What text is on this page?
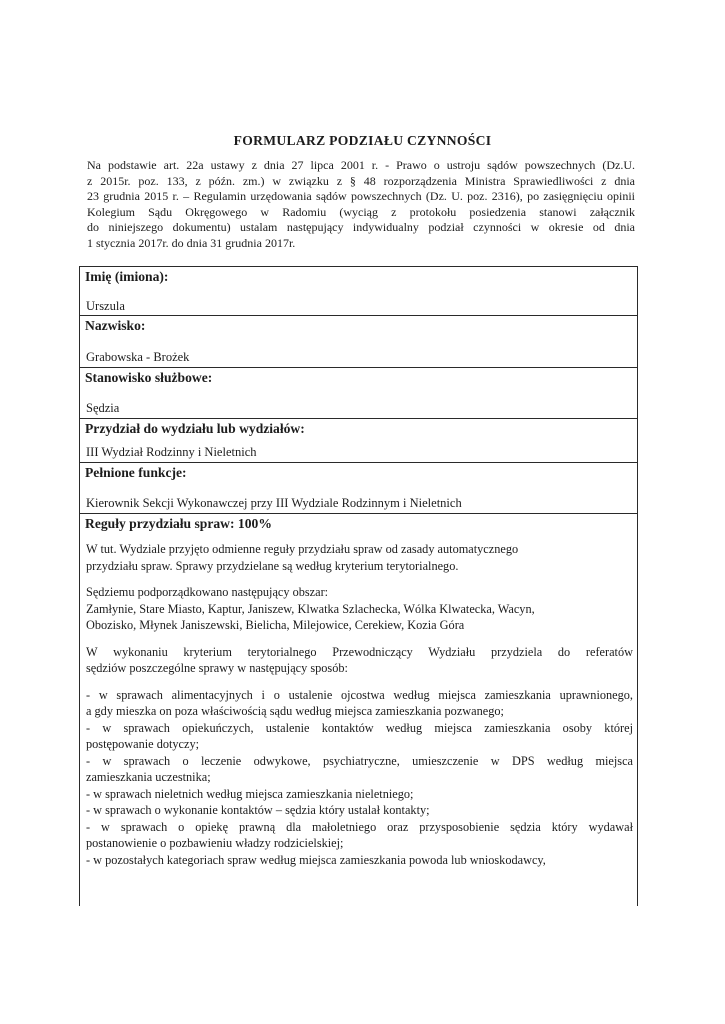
FORMULARZ PODZIAŁU CZYNNOŚCI
Na podstawie art. 22a ustawy z dnia 27 lipca 2001 r. - Prawo o ustroju sądów powszechnych (Dz.U.
z 2015r. poz. 133, z późn. zm.) w związku z § 48 rozporządzenia Ministra Sprawiedliwości z dnia
23 grudnia 2015 r. – Regulamin urzędowania sądów powszechnych (Dz. U. poz. 2316), po zasięgnięciu opinii
Kolegium Sądu Okręgowego w Radomiu (wyciąg z protokołu posiedzenia stanowi załącznik
do niniejszego dokumentu) ustalam następujący indywidualny podział czynności w okresie od dnia
1 stycznia 2017r. do dnia 31 grudnia 2017r.
Imię (imiona):
Urszula
Nazwisko:
Grabowska - Brożek
Stanowisko służbowe:
Sędzia
Przydział do wydziału lub wydziałów:
III Wydział Rodzinny i Nieletnich
Pełnione funkcje:
Kierownik Sekcji Wykonawczej przy III Wydziale Rodzinnym i Nieletnich
Reguły przydziału spraw: 100%

W tut. Wydziale przyjęto odmienne reguły przydziału spraw od zasady automatycznego
przydziału spraw. Sprawy przydzielane są według kryterium terytorialnego.

Sędziemu podporządkowano następujący obszar:
Zamłynie, Stare Miasto, Kaptur, Janiszew, Klwatka Szlachecka, Wólka Klwatecka, Wacyn,
Obozisko, Młynek Janiszewski, Bielicha, Milejowice, Cerekiew, Kozia Góra

W wykonaniu kryterium terytorialnego Przewodniczący Wydziału przydziela do referatów
sędziów poszczególne sprawy w następujący sposób:

- w sprawach alimentacyjnych i o ustalenie ojcostwa według miejsca zamieszkania uprawnionego,
a gdy mieszka on poza właściwością sądu według miejsca zamieszkania pozwanego;
- w sprawach opiekuńczych, ustalenie kontaktów według miejsca zamieszkania osoby której
postępowanie dotyczy;
- w sprawach o leczenie odwykowe, psychiatryczne, umieszczenie w DPS według miejsca
zamieszkania uczestnika;
- w sprawach nieletnich według miejsca zamieszkania nieletniego;
- w sprawach o wykonanie kontaktów – sędzia który ustalał kontakty;
- w sprawach o opiekę prawną dla małoletniego oraz przysposobienie sędzia który wydawał
postanowienie o pozbawieniu władzy rodzicielskiej;
- w pozostałych kategoriach spraw według miejsca zamieszkania powoda lub wnioskodawcy,
